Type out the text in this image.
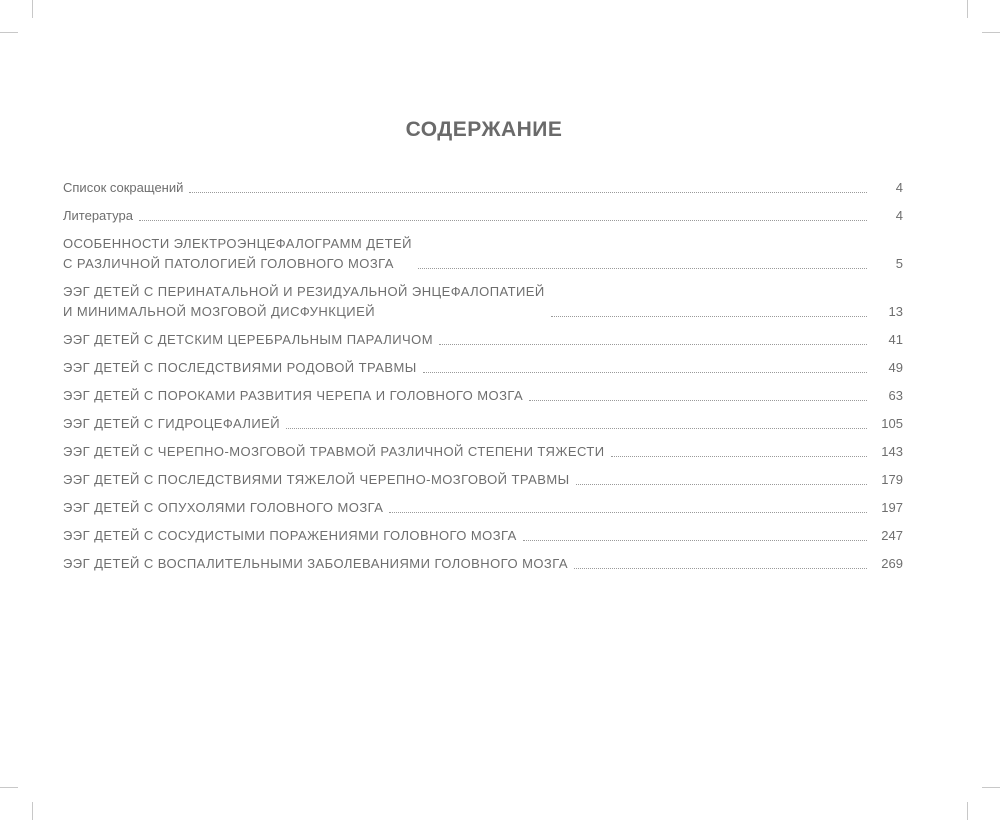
СОДЕРЖАНИЕ
Список сокращений	4
Литература	4
ОСОБЕННОСТИ ЭЛЕКТРОЭНЦЕФАЛОГРАММ ДЕТЕЙ
С РАЗЛИЧНОЙ ПАТОЛОГИЕЙ ГОЛОВНОГО МОЗГА	5
ЭЭГ ДЕТЕЙ С ПЕРИНАТАЛЬНОЙ И РЕЗИДУАЛЬНОЙ ЭНЦЕФАЛОПАТИЕЙ
И МИНИМАЛЬНОЙ МОЗГОВОЙ ДИСФУНКЦИЕЙ	13
ЭЭГ ДЕТЕЙ С ДЕТСКИМ ЦЕРЕБРАЛЬНЫМ ПАРАЛИЧОМ	41
ЭЭГ ДЕТЕЙ С ПОСЛЕДСТВИЯМИ РОДОВОЙ ТРАВМЫ	49
ЭЭГ ДЕТЕЙ С ПОРОКАМИ РАЗВИТИЯ ЧЕРЕПА И ГОЛОВНОГО МОЗГА	63
ЭЭГ ДЕТЕЙ С ГИДРОЦЕФАЛИЕЙ	105
ЭЭГ ДЕТЕЙ С ЧЕРЕПНО-МОЗГОВОЙ ТРАВМОЙ РАЗЛИЧНОЙ СТЕПЕНИ ТЯЖЕСТИ	143
ЭЭГ ДЕТЕЙ С ПОСЛЕДСТВИЯМИ ТЯЖЕЛОЙ ЧЕРЕПНО-МОЗГОВОЙ ТРАВМЫ	179
ЭЭГ ДЕТЕЙ С ОПУХОЛЯМИ ГОЛОВНОГО МОЗГА	197
ЭЭГ ДЕТЕЙ С СОСУДИСТЫМИ ПОРАЖЕНИЯМИ ГОЛОВНОГО МОЗГА	247
ЭЭГ ДЕТЕЙ С ВОСПАЛИТЕЛЬНЫМИ ЗАБОЛЕВАНИЯМИ ГОЛОВНОГО МОЗГА	269
